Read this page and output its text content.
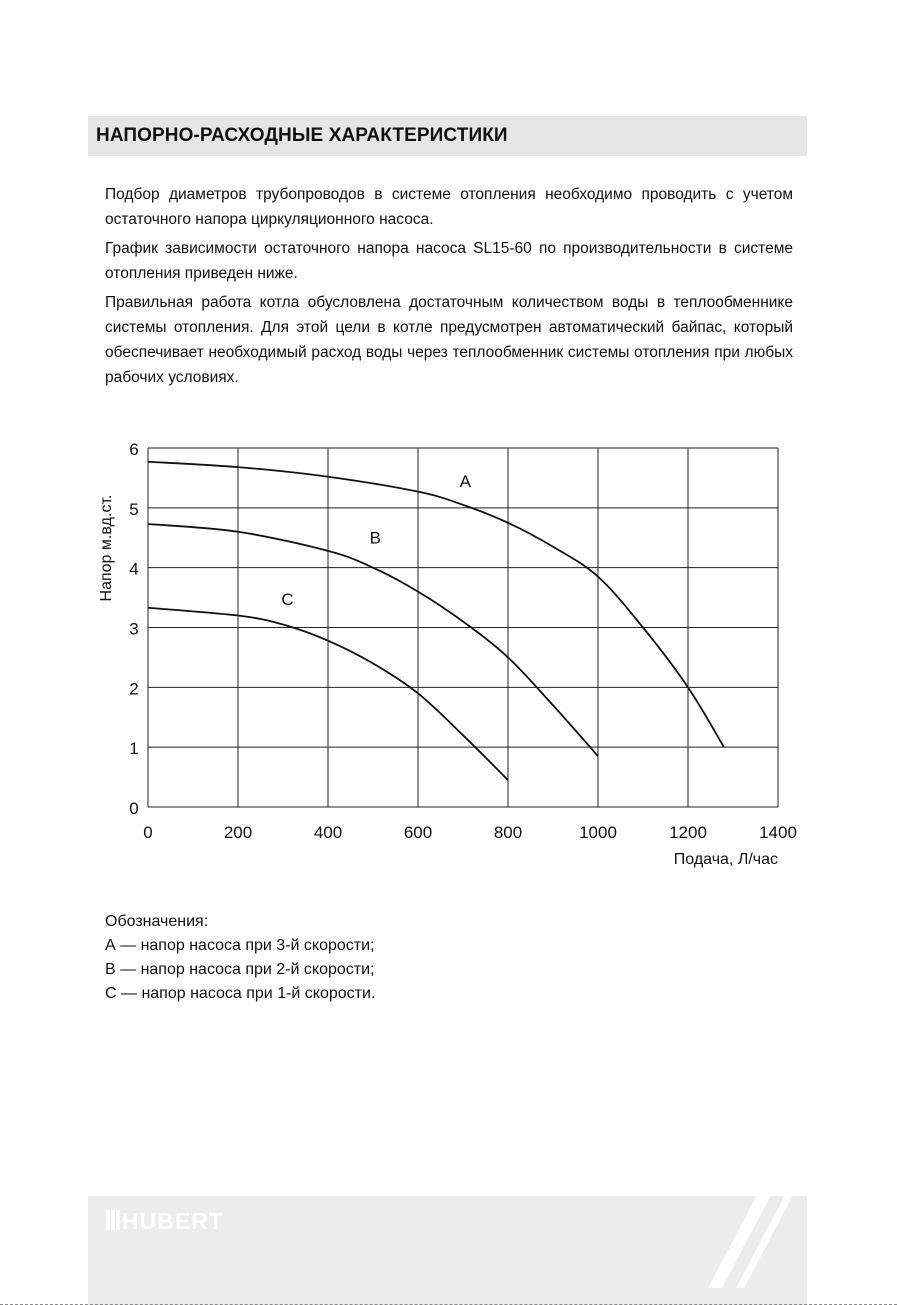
НАПОРНО-РАСХОДНЫЕ ХАРАКТЕРИСТИКИ

Подбор диаметров трубопроводов в системе отопления необходимо проводить с учетом остаточного напора циркуляционного насоса.

График зависимости остаточного напора насоса SL15-60 по производительности в системе отопления приведен ниже.

Правильная работа котла обусловлена достаточным количеством воды в теплообменнике системы отопления. Для этой цели в котле предусмотрен автоматический байпас, который обеспечивает необходимый расход воды через теплообменник системы отопления при любых рабочих условиях.

0	200	400	600	800	1000	1200	1400
0
1
2
3
4
5
6
Напор м.вд.ст.
Подача, Л/час
A
B
C
Обозначения:
А — напор насоса при 3-й скорости;
В — напор насоса при 2-й скорости;
С — напор насоса при 1-й скорости.
HUBERT
